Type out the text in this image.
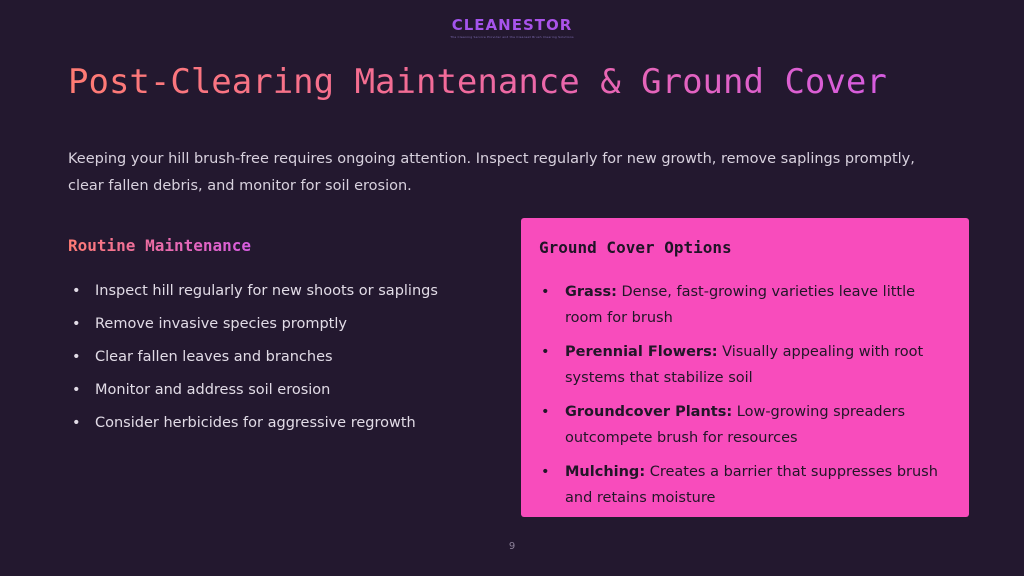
CLEANESTOR
The Cleaning Service Provider and the Cleanest Brush Clearing Solutions
Post-Clearing Maintenance & Ground Cover

Keeping your hill brush-free requires ongoing attention. Inspect regularly for new growth, remove saplings promptly, clear fallen debris, and monitor for soil erosion.

Routine Maintenance
• Inspect hill regularly for new shoots or saplings
• Remove invasive species promptly
• Clear fallen leaves and branches
• Monitor and address soil erosion
• Consider herbicides for aggressive regrowth
Ground Cover Options
• Grass: Dense, fast-growing varieties leave little room for brush
• Perennial Flowers: Visually appealing with root systems that stabilize soil
• Groundcover Plants: Low-growing spreaders outcompete brush for resources
• Mulching: Creates a barrier that suppresses brush and retains moisture
9
